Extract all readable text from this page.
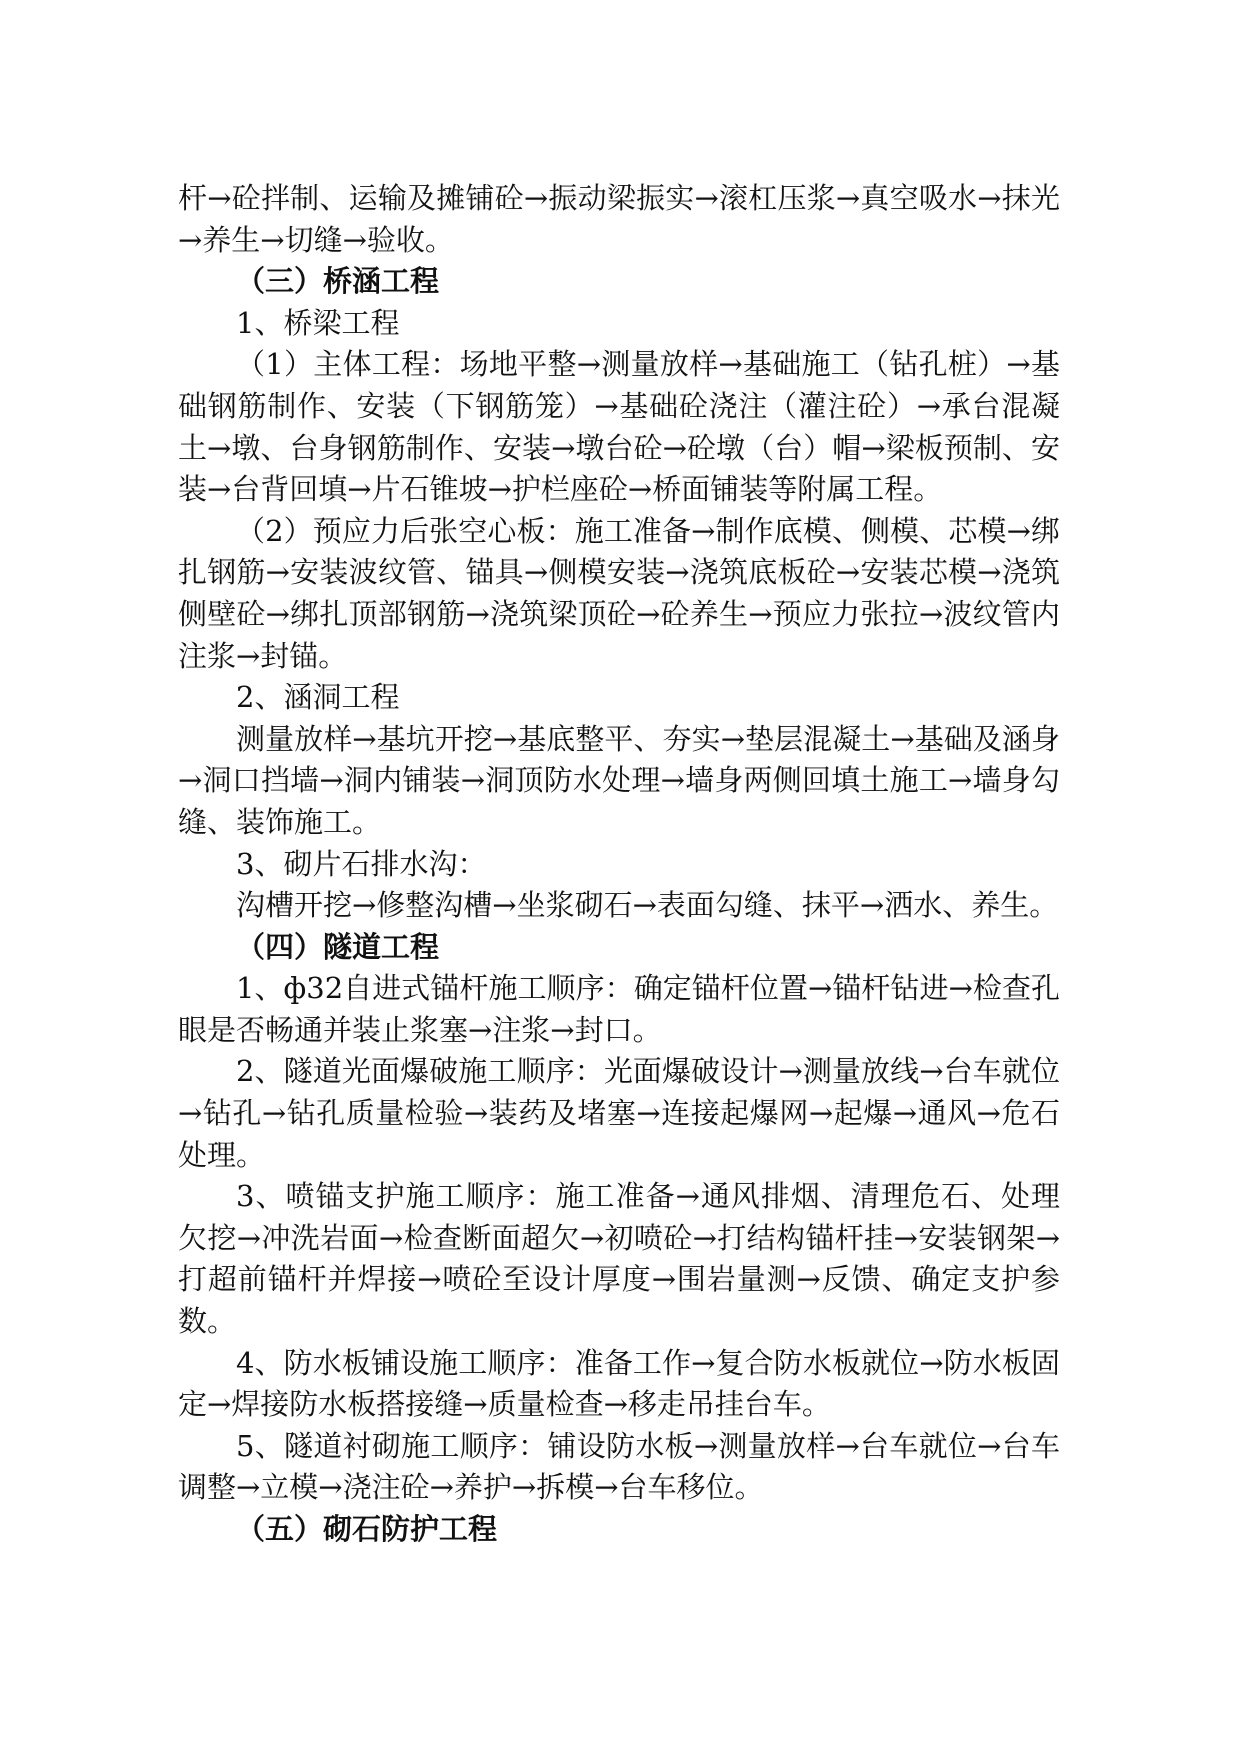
杆→砼拌制、运输及摊铺砼→振动梁振实→滚杠压浆→真空吸水→抹光→养生→切缝→验收。

（三）桥涵工程

1、桥梁工程

（1）主体工程：场地平整→测量放样→基础施工（钻孔桩）→基础钢筋制作、安装（下钢筋笼）→基础砼浇注（灌注砼）→承台混凝土→墩、台身钢筋制作、安装→墩台砼→砼墩（台）帽→梁板预制、安装→台背回填→片石锥坡→护栏座砼→桥面铺装等附属工程。

（2）预应力后张空心板：施工准备→制作底模、侧模、芯模→绑扎钢筋→安装波纹管、锚具→侧模安装→浇筑底板砼→安装芯模→浇筑侧壁砼→绑扎顶部钢筋→浇筑梁顶砼→砼养生→预应力张拉→波纹管内注浆→封锚。

2、涵洞工程

测量放样→基坑开挖→基底整平、夯实→垫层混凝土→基础及涵身→洞口挡墙→洞内铺装→洞顶防水处理→墙身两侧回填土施工→墙身勾缝、装饰施工。

3、砌片石排水沟：

沟槽开挖→修整沟槽→坐浆砌石→表面勾缝、抹平→洒水、养生。

（四）隧道工程

1、ф32自进式锚杆施工顺序：确定锚杆位置→锚杆钻进→检查孔眼是否畅通并装止浆塞→注浆→封口。

2、隧道光面爆破施工顺序：光面爆破设计→测量放线→台车就位→钻孔→钻孔质量检验→装药及堵塞→连接起爆网→起爆→通风→危石处理。

3、喷锚支护施工顺序：施工准备→通风排烟、清理危石、处理欠挖→冲洗岩面→检查断面超欠→初喷砼→打结构锚杆挂→安装钢架→打超前锚杆并焊接→喷砼至设计厚度→围岩量测→反馈、确定支护参数。

4、防水板铺设施工顺序：准备工作→复合防水板就位→防水板固定→焊接防水板搭接缝→质量检查→移走吊挂台车。

5、隧道衬砌施工顺序：铺设防水板→测量放样→台车就位→台车调整→立模→浇注砼→养护→拆模→台车移位。

（五）砌石防护工程
